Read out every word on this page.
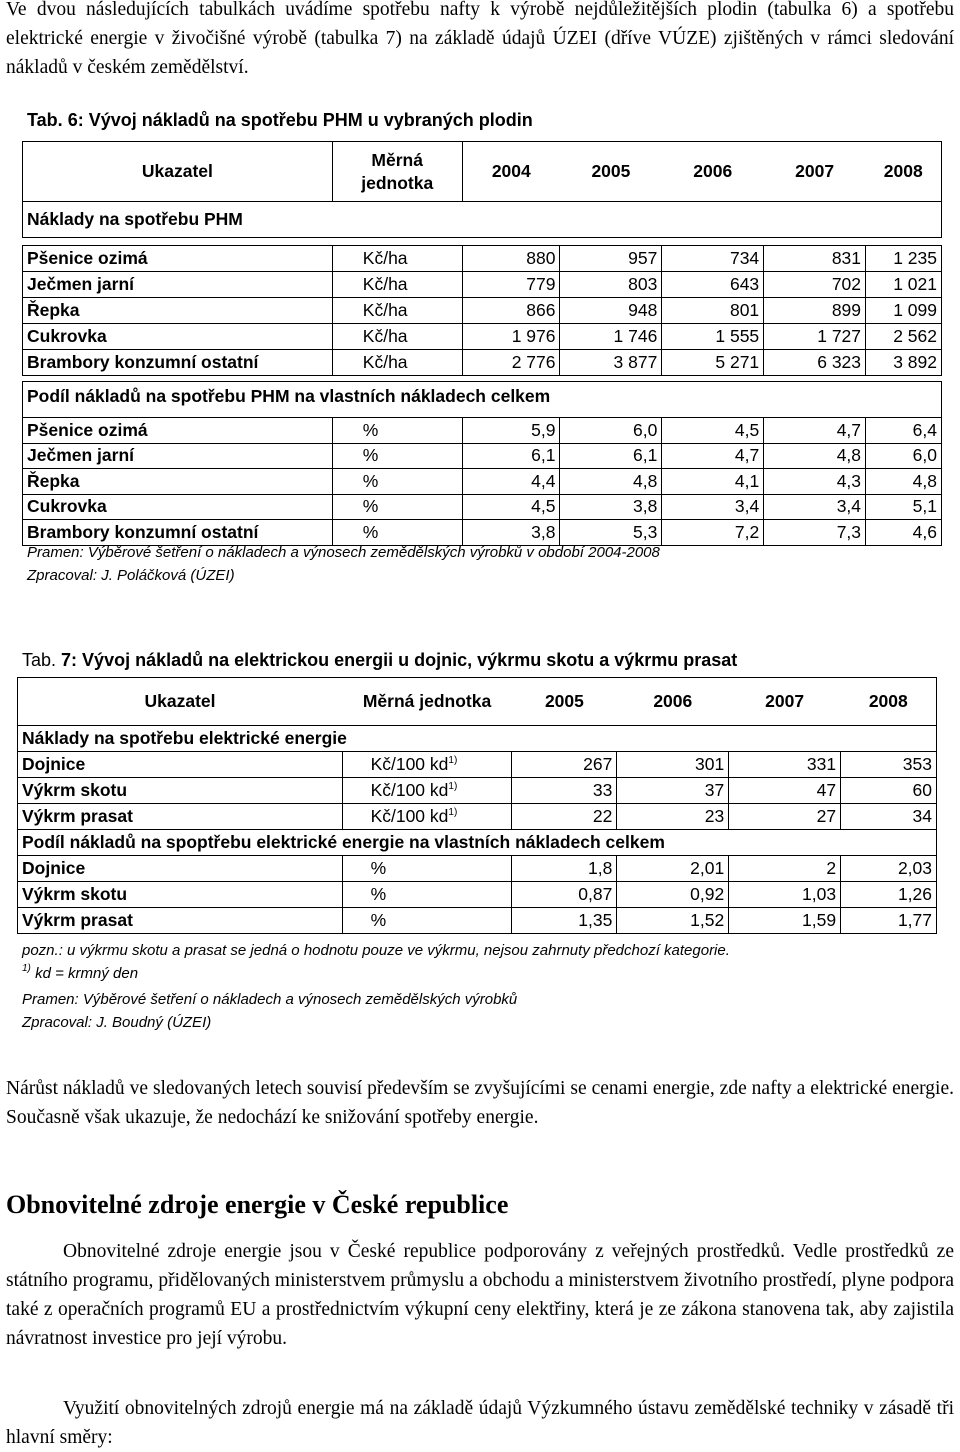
Ve dvou následujících tabulkách uvádíme spotřebu nafty k výrobě nejdůležitějších plodin (tabulka 6) a spotřebu elektrické energie v živočišné výrobě (tabulka 7) na základě údajů ÚZEI (dříve VÚZE) zjištěných v rámci sledování nákladů v českém zemědělství.
Tab. 6: Vývoj nákladů na spotřebu PHM u vybraných plodin
Ukazatel	Měrná jednotka	2004	2005	2006	2007	2008
Náklady na spotřebu PHM						

Pšenice ozimá	Kč/ha	880	957	734	831	1 235
Ječmen jarní	Kč/ha	779	803	643	702	1 021
Řepka	Kč/ha	866	948	801	899	1 099
Cukrovka	Kč/ha	1 976	1 746	1 555	1 727	2 562
Brambory konzumní ostatní	Kč/ha	2 776	3 877	5 271	6 323	3 892

Podíl nákladů na spotřebu PHM na vlastních nákladech celkem						

Pšenice ozimá	%	5,9	6,0	4,5	4,7	6,4
Ječmen jarní	%	6,1	6,1	4,7	4,8	6,0
Řepka	%	4,4	4,8	4,1	4,3	4,8
Cukrovka	%	4,5	3,8	3,4	3,4	5,1
Brambory konzumní ostatní	%	3,8	5,3	7,2	7,3	4,6
Pramen: Výběrové šetření o nákladech a výnosech zemědělských výrobků v období 2004-2008
Zpracoval: J. Poláčková (ÚZEI)
Tab. 7: Vývoj nákladů na elektrickou energii u dojnic, výkrmu skotu a výkrmu prasat
Ukazatel	Měrná jednotka	2005	2006	2007	2008
Náklady na spotřebu elektrické energie					
Dojnice	Kč/100 $kd^{1)}$	267	301	331	353
Výkrm skotu	Kč/100 $kd^{1)}$	33	37	47	60
Výkrm prasat	Kč/100 $kd^{1)}$	22	23	27	34
Podíl nákladů na spoptřebu elektrické energie na vlastních nákladech celkem					
Dojnice	%	1,8	2,01	2	2,03
Výkrm skotu	%	0,87	0,92	1,03	1,26
Výkrm prasat	%	1,35	1,52	1,59	1,77
pozn.: u výkrmu skotu a prasat se jedná o hodnotu pouze ve výkrmu, nejsou zahrnuty předchozí kategorie.
$^{1)}$ kd = krmný den
Pramen: Výběrové šetření o nákladech a výnosech zemědělských výrobků
Zpracoval: J. Boudný (ÚZEI)
Nárůst nákladů ve sledovaných letech souvisí především se zvyšujícími se cenami energie, zde nafty a elektrické energie. Současně však ukazuje, že nedochází ke snižování spotřeby energie.
Obnovitelné zdroje energie v České republice
Obnovitelné zdroje energie jsou v České republice podporovány z veřejných prostředků. Vedle prostředků ze státního programu, přidělovaných ministerstvem průmyslu a obchodu a ministerstvem životního prostředí, plyne podpora také z operačních programů EU a prostřednictvím výkupní ceny elektřiny, která je ze zákona stanovena tak, aby zajistila návratnost investice pro její výrobu.
Využití obnovitelných zdrojů energie má na základě údajů Výzkumného ústavu zemědělské techniky v zásadě tři hlavní směry:
